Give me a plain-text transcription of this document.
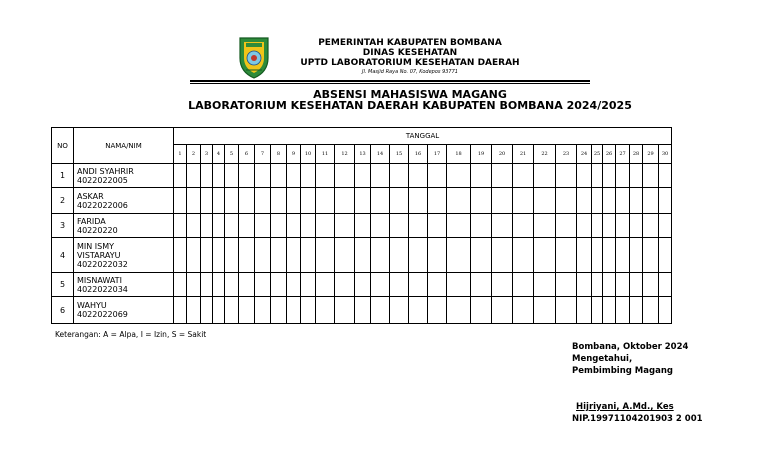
PEMERINTAH KABUPATEN BOMBANA
DINAS KESEHATAN
UPTD LABORATORIUM KESEHATAN DAERAH
Jl. Masjid Raya No. 07, Kodepos 93771
ABSENSI MAHASISWA MAGANG
LABORATORIUM KESEHATAN DAERAH KABUPATEN BOMBANA 2024/2025
NO	NAMA/NIM	TANGGAL																													
		1	2	3	4	5	6	7	8	9	10	11	12	13	14	15	16	17	18	19	20	21	22	23	24	25	26	27	28	29	30
1	ANDI SYAHRIR
4022022005																														

2	ASKAR
4022022006																														

3	FARIDA
40220220																														

4	MIN ISMY
VISTARAYU
4022022032																														

5	MISNAWATI
4022022034																														

6	WAHYU
4022022069																														

Keterangan: A = Alpa, I = Izin, S = Sakit
Bombana, Oktober 2024
Mengetahui,
Pembimbing Magang
Hijriyani, A.Md., Kes
NIP.19971104201903 2 001
